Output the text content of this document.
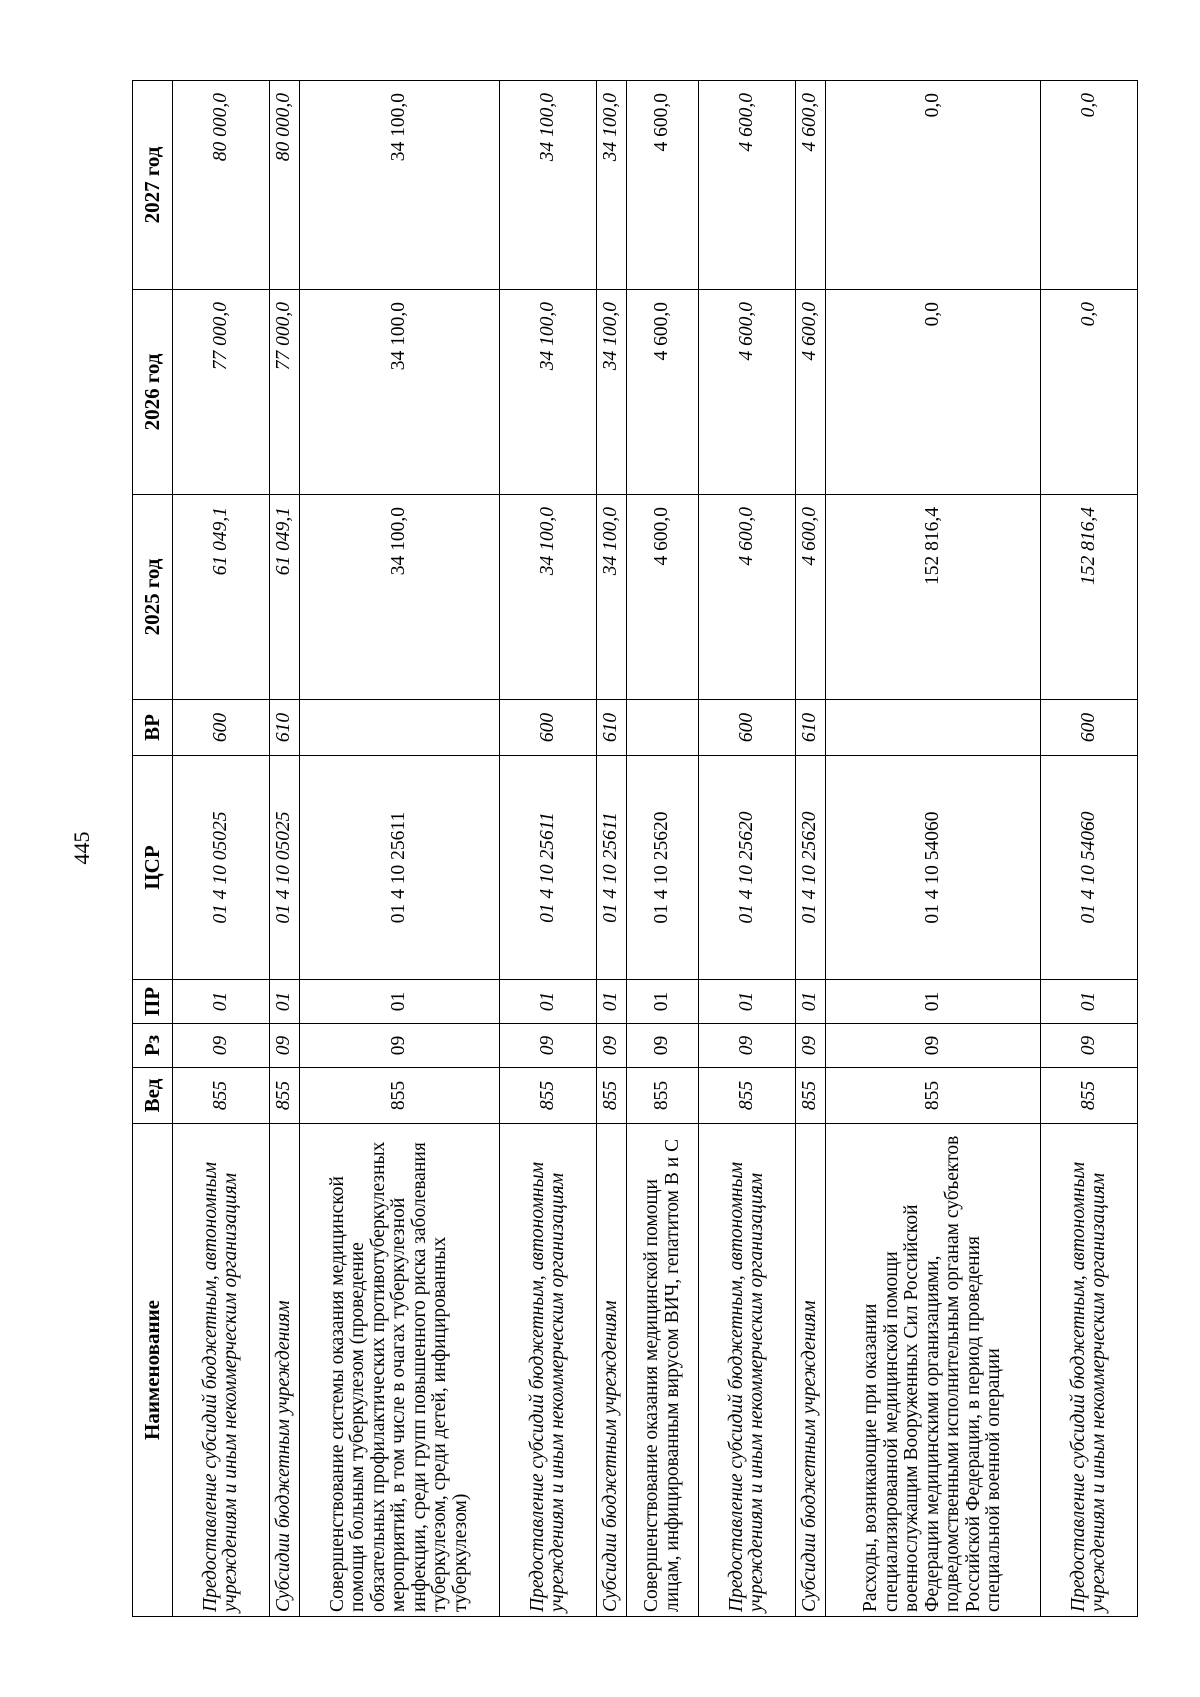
445
Наименование	Вед	Рз	ПР	ЦСР	ВР	2025 год	2026 год	2027 год
Предоставление субсидий бюджетным, автономным учреждениям и иным некоммерческим организациям	855	09	01	01 4 10 05025	600	61 049,1	77 000,0	80 000,0
Субсидии бюджетным учреждениям	855	09	01	01 4 10 05025	610	61 049,1	77 000,0	80 000,0
Совершенствование системы оказания медицинской помощи больным туберкулезом (проведение обязательных профилактических противотуберкулезных мероприятий, в том числе в очагах туберкулезной инфекции, среди групп повышенного риска заболевания туберкулезом, среди детей, инфицированных туберкулезом)	855	09	01	01 4 10 25611		34 100,0	34 100,0	34 100,0
Предоставление субсидий бюджетным, автономным учреждениям и иным некоммерческим организациям	855	09	01	01 4 10 25611	600	34 100,0	34 100,0	34 100,0
Субсидии бюджетным учреждениям	855	09	01	01 4 10 25611	610	34 100,0	34 100,0	34 100,0
Совершенствование оказания медицинской помощи лицам, инфицированным вирусом ВИЧ, гепатитом В и С	855	09	01	01 4 10 25620		4 600,0	4 600,0	4 600,0
Предоставление субсидий бюджетным, автономным учреждениям и иным некоммерческим организациям	855	09	01	01 4 10 25620	600	4 600,0	4 600,0	4 600,0
Субсидии бюджетным учреждениям	855	09	01	01 4 10 25620	610	4 600,0	4 600,0	4 600,0
Расходы, возникающие при оказании специализированной медицинской помощи военнослужащим Вооруженных Сил Российской Федерации медицинскими организациями, подведомственными исполнительным органам субъектов Российской Федерации, в период проведения специальной военной операции	855	09	01	01 4 10 54060		152 816,4	0,0	0,0
Предоставление субсидий бюджетным, автономным учреждениям и иным некоммерческим организациям	855	09	01	01 4 10 54060	600	152 816,4	0,0	0,0
